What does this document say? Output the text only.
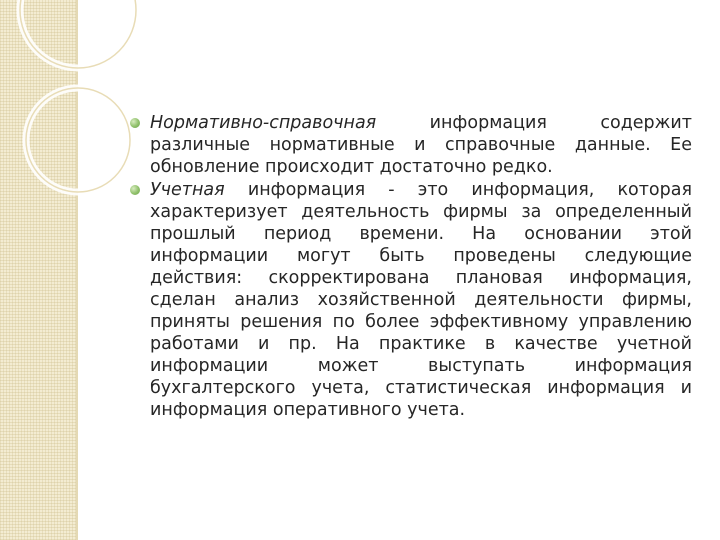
Нормативно-справочная информация содержит различные нормативные и справочные данные. Ее обновление происходит достаточно редко.
Учетная информация - это информация, которая характеризует деятельность фирмы за определенный прошлый период времени. На основании этой информации могут быть проведены следующие действия: скорректирована плановая информация, сделан анализ хозяйственной деятельности фирмы, приняты решения по более эффективному управлению работами и пр. На практике в качестве учетной информации может выступать информация бухгалтерского учета, статистическая информация и информация оперативного учета.
